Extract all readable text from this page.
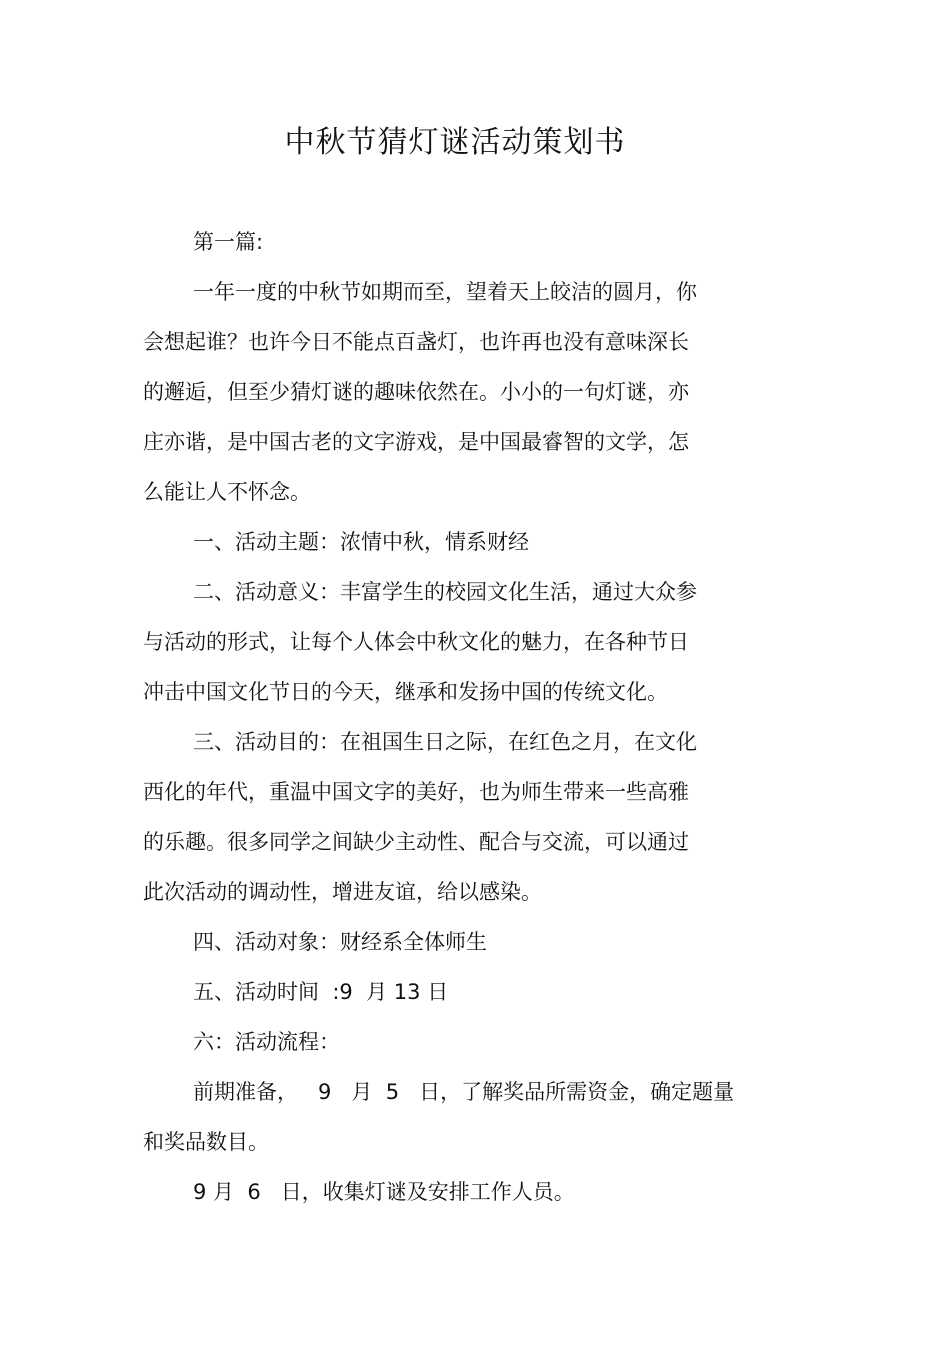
中秋节猜灯谜活动策划书
第一篇:
一年一度的中秋节如期而至，望着天上皎洁的圆月，你
会想起谁？也许今日不能点百盏灯，也许再也没有意味深长
的邂逅，但至少猜灯谜的趣味依然在。小小的一句灯谜，亦
庄亦谐，是中国古老的文字游戏，是中国最睿智的文学，怎
么能让人不怀念。
一、活动主题：浓情中秋，情系财经
二、活动意义：丰富学生的校园文化生活，通过大众参
与活动的形式，让每个人体会中秋文化的魅力，在各种节日
冲击中国文化节日的今天，继承和发扬中国的传统文化。
三、活动目的：在祖国生日之际，在红色之月，在文化
西化的年代，重温中国文字的美好，也为师生带来一些高雅
的乐趣。很多同学之间缺少主动性、配合与交流，可以通过
此次活动的调动性，增进友谊，给以感染。
四、活动对象：财经系全体师生
五、活动时间  :9  月 13 日
六：活动流程：
前期准备，   9   月  5   日，了解奖品所需资金，确定题量
和奖品数目。
9 月  6   日，收集灯谜及安排工作人员。
